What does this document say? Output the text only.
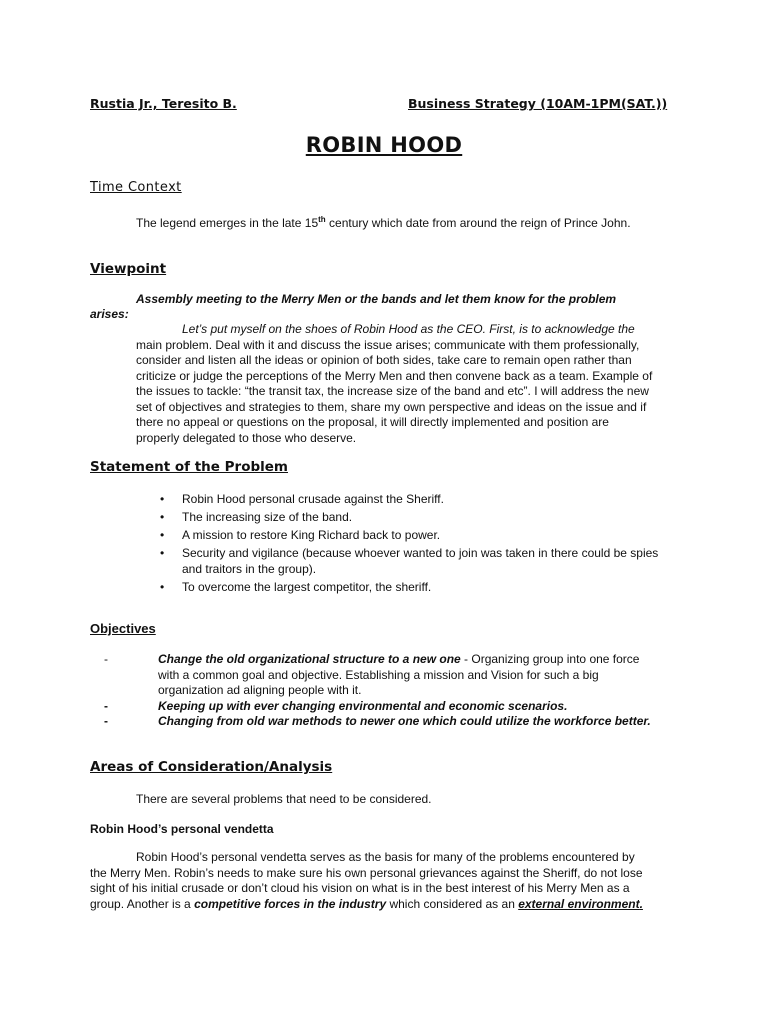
Rustia Jr., Teresito B.	Business Strategy (10AM-1PM(SAT.))
ROBIN HOOD
Time Context
The legend emerges in the late 15th century which date from around the reign of Prince John.
Viewpoint
Assembly meeting to the Merry Men or the bands and let them know for the problem
arises:
Let’s put myself on the shoes of Robin Hood as the CEO. First, is to acknowledge the
main problem. Deal with it and discuss the issue arises; communicate with them professionally,
consider and listen all the ideas or opinion of both sides, take care to remain open rather than
criticize or judge the perceptions of the Merry Men and then convene back as a team. Example of
the issues to tackle: “the transit tax, the increase size of the band and etc”. I will address the new
set of objectives and strategies to them, share my own perspective and ideas on the issue and if
there no appeal or questions on the proposal, it will directly implemented and position are
properly delegated to those who deserve.
Statement of the Problem
• Robin Hood personal crusade against the Sheriff.
• The increasing size of the band.
• A mission to restore King Richard back to power.
• Security and vigilance (because whoever wanted to join was taken in there could be spies and traitors in the group).
• To overcome the largest competitor, the sheriff.
Objectives
-	Change the old organizational structure to a new one - Organizing group into one force
with a common goal and objective. Establishing a mission and Vision for such a big
organization ad aligning people with it.
-	Keeping up with ever changing environmental and economic scenarios.
-	Changing from old war methods to newer one which could utilize the workforce better.
Areas of Consideration/Analysis
There are several problems that need to be considered.
Robin Hood’s personal vendetta
Robin Hood’s personal vendetta serves as the basis for many of the problems encountered by
the Merry Men. Robin’s needs to make sure his own personal grievances against the Sheriff, do not lose
sight of his initial crusade or don’t cloud his vision on what is in the best interest of his Merry Men as a
group. Another is a competitive forces in the industry which considered as an external environment.
